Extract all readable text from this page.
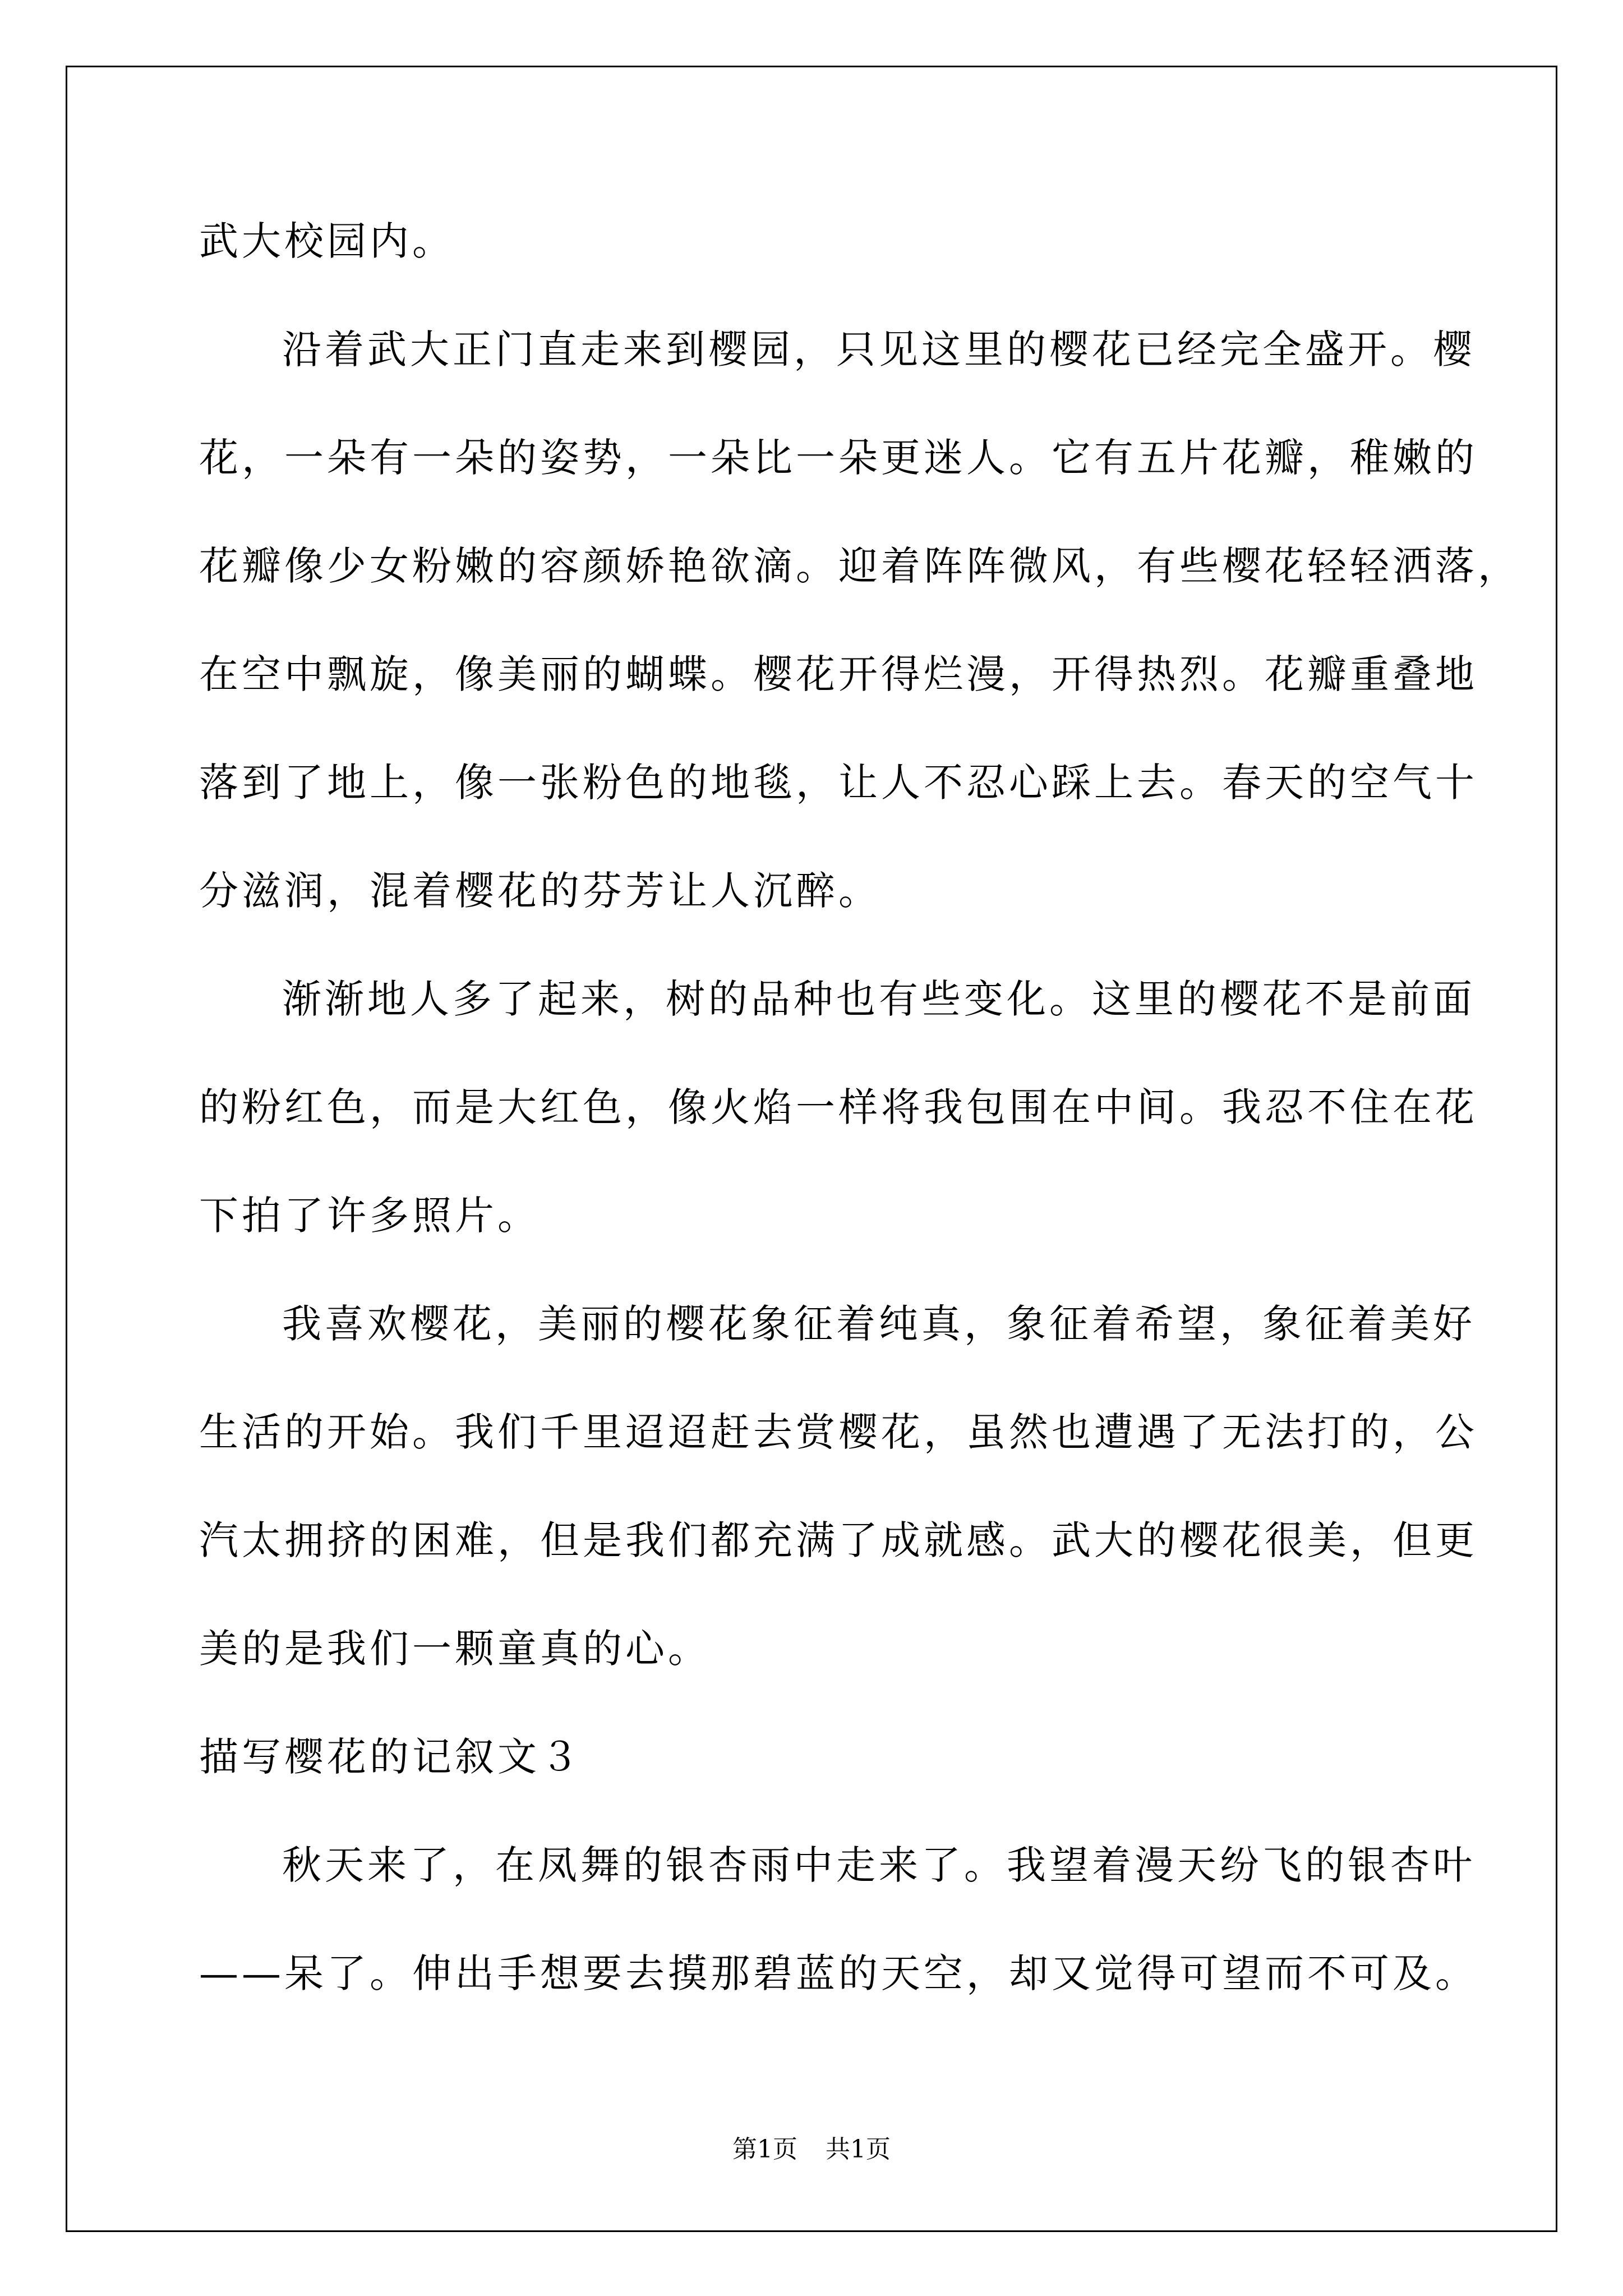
武大校园内。
沿着武大正门直走来到樱园，只见这里的樱花已经完全盛开。樱
花，一朵有一朵的姿势，一朵比一朵更迷人。它有五片花瓣，稚嫩的
花瓣像少女粉嫩的容颜娇艳欲滴。迎着阵阵微风，有些樱花轻轻洒落，
在空中飘旋，像美丽的蝴蝶。樱花开得烂漫，开得热烈。花瓣重叠地
落到了地上，像一张粉色的地毯，让人不忍心踩上去。春天的空气十
分滋润，混着樱花的芬芳让人沉醉。
渐渐地人多了起来，树的品种也有些变化。这里的樱花不是前面
的粉红色，而是大红色，像火焰一样将我包围在中间。我忍不住在花
下拍了许多照片。
我喜欢樱花，美丽的樱花象征着纯真，象征着希望，象征着美好
生活的开始。我们千里迢迢赶去赏樱花，虽然也遭遇了无法打的，公
汽太拥挤的困难，但是我们都充满了成就感。武大的樱花很美，但更
美的是我们一颗童真的心。
描写樱花的记叙文３
秋天来了，在凤舞的银杏雨中走来了。我望着漫天纷飞的银杏叶
——呆了。伸出手想要去摸那碧蓝的天空，却又觉得可望而不可及。
第1页 共1页
